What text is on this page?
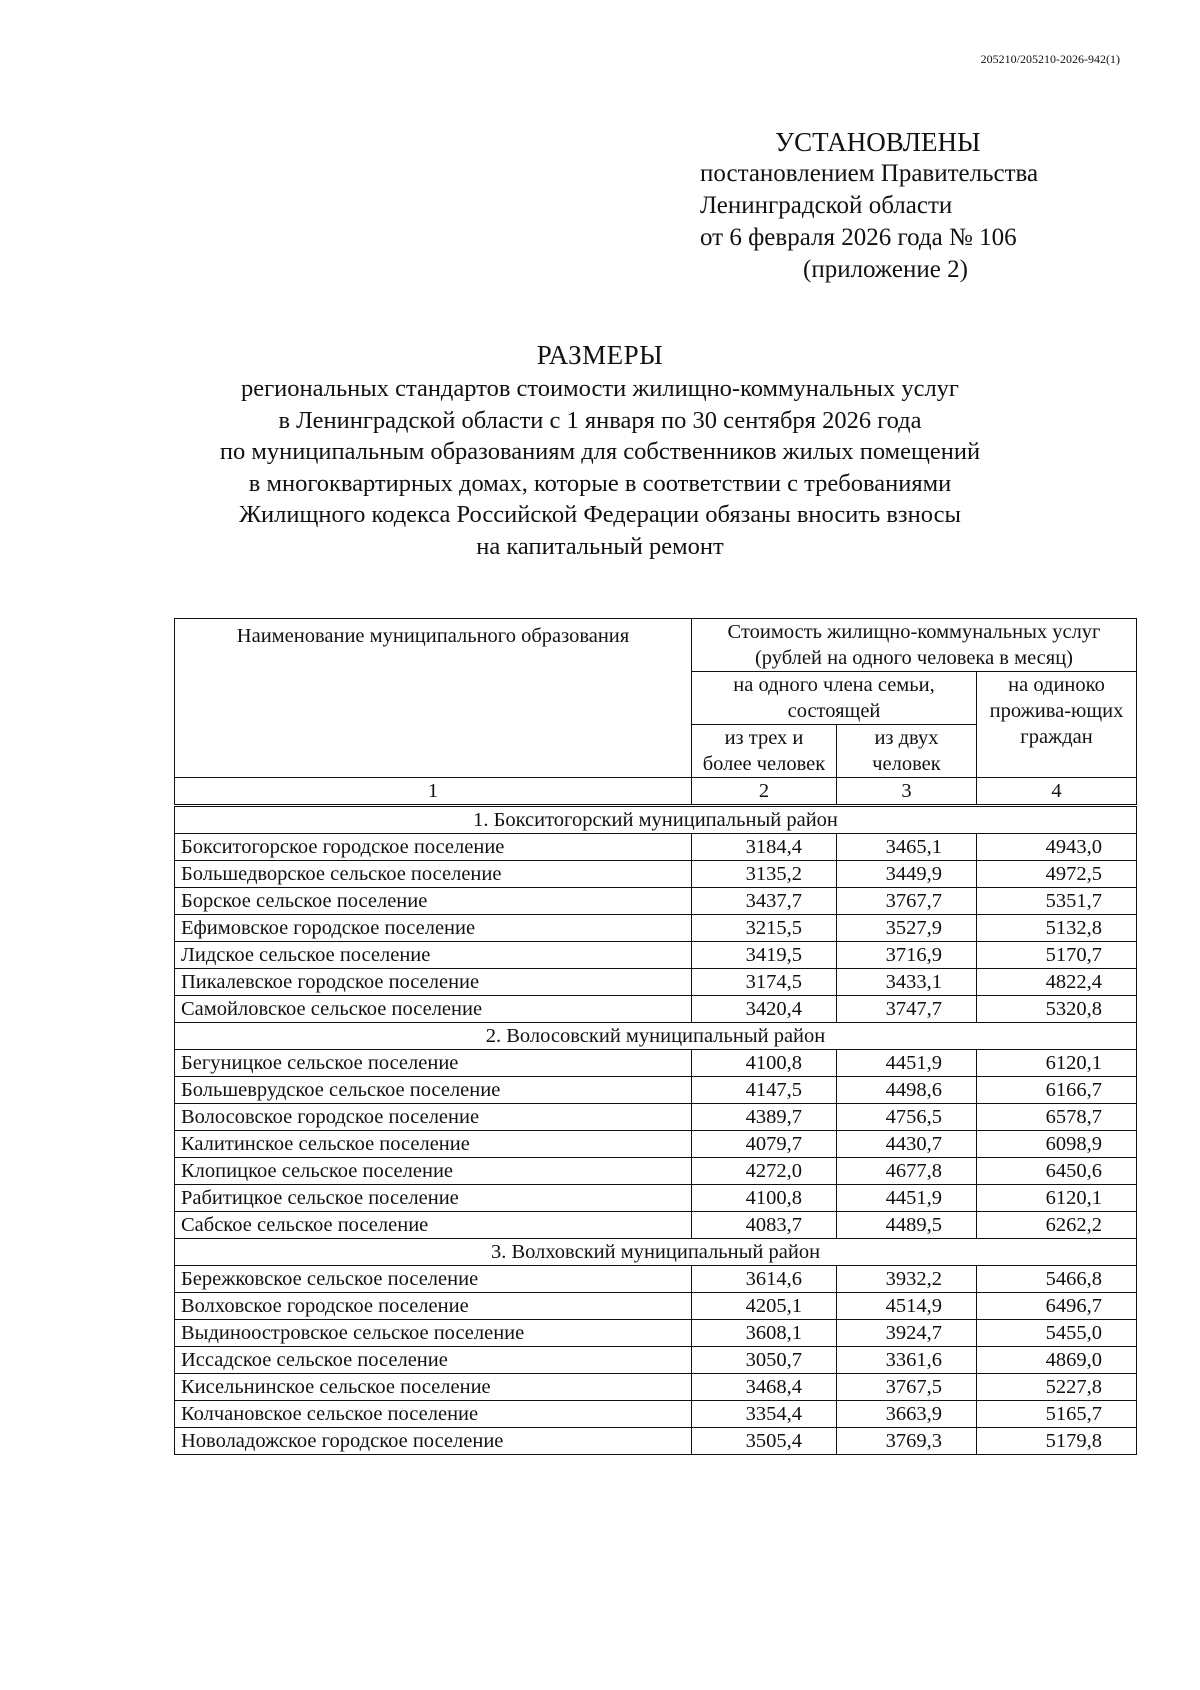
205210/205210-2026-942(1)
УСТАНОВЛЕНЫ
постановлением Правительства
Ленинградской области
от 6 февраля 2026 года № 106
(приложение 2)
РАЗМЕРЫ
региональных стандартов стоимости жилищно-коммунальных услуг
в Ленинградской области с 1 января по 30 сентября 2026 года
по муниципальным образованиям для собственников жилых помещений
в многоквартирных домах, которые в соответствии с требованиями
Жилищного кодекса Российской Федерации обязаны вносить взносы
на капитальный ремонт
Наименование муниципального образования	Стоимость жилищно-коммунальных услуг (рублей на одного человека в месяц)		
	на одного члена семьи, состоящей		на одиноко прожива-ющих граждан
	из трех и более человек	из двух человек	
1	2	3	4
1. Бокситогорский муниципальный район			
Бокситогорское городское поселение	3184,4	3465,1	4943,0
Большедворское сельское поселение	3135,2	3449,9	4972,5
Борское сельское поселение	3437,7	3767,7	5351,7
Ефимовское городское поселение	3215,5	3527,9	5132,8
Лидское сельское поселение	3419,5	3716,9	5170,7
Пикалевское городское поселение	3174,5	3433,1	4822,4
Самойловское сельское поселение	3420,4	3747,7	5320,8
2. Волосовский муниципальный район			
Бегуницкое сельское поселение	4100,8	4451,9	6120,1
Большеврудское сельское поселение	4147,5	4498,6	6166,7
Волосовское городское поселение	4389,7	4756,5	6578,7
Калитинское сельское поселение	4079,7	4430,7	6098,9
Клопицкое сельское поселение	4272,0	4677,8	6450,6
Рабитицкое сельское поселение	4100,8	4451,9	6120,1
Сабское сельское поселение	4083,7	4489,5	6262,2
3. Волховский муниципальный район			
Бережковское сельское поселение	3614,6	3932,2	5466,8
Волховское городское поселение	4205,1	4514,9	6496,7
Выдиноостровское сельское поселение	3608,1	3924,7	5455,0
Иссадское сельское поселение	3050,7	3361,6	4869,0
Кисельнинское сельское поселение	3468,4	3767,5	5227,8
Колчановское сельское поселение	3354,4	3663,9	5165,7
Новоладожское городское поселение	3505,4	3769,3	5179,8
